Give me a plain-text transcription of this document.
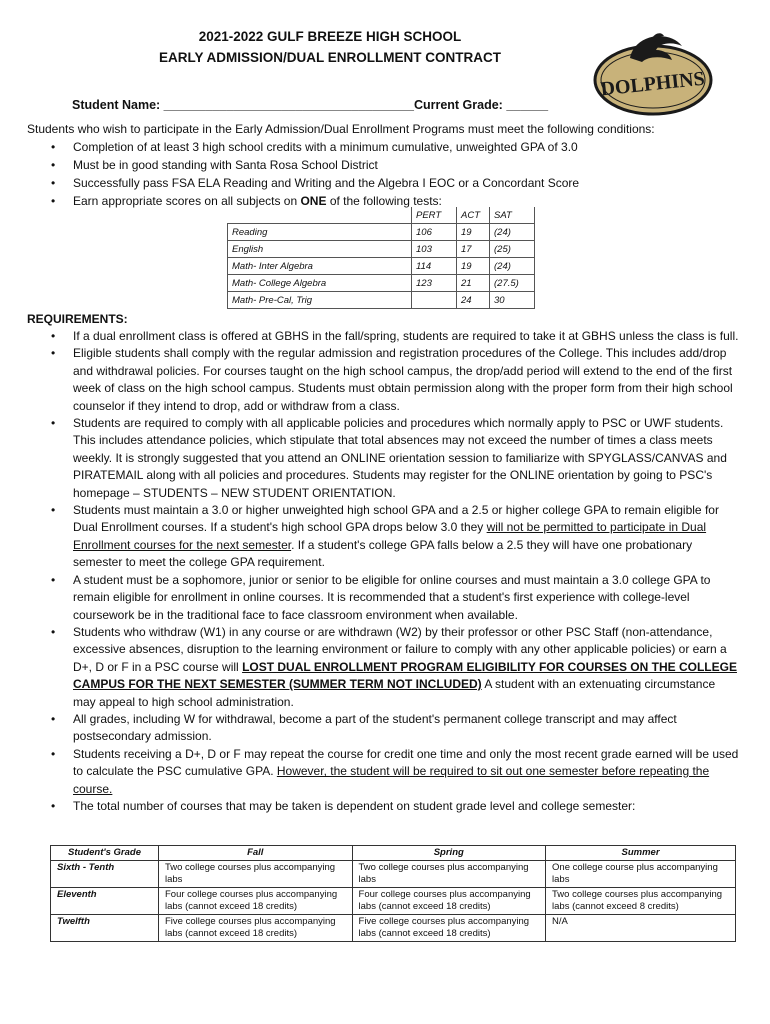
2021-2022 GULF BREEZE HIGH SCHOOL
EARLY ADMISSION/DUAL ENROLLMENT CONTRACT
DOLPHINS
Student Name: ____________________________________Current Grade: ______
Students who wish to participate in the Early Admission/Dual Enrollment Programs must meet the following conditions:
• Completion of at least 3 high school credits with a minimum cumulative, unweighted GPA of 3.0
• Must be in good standing with Santa Rosa School District
• Successfully pass FSA ELA Reading and Writing and the Algebra I EOC or a Concordant Score
• Earn appropriate scores on all subjects on ONE of the following tests:
	PERT	ACT	SAT
Reading	106	19	(24)
English	103	17	(25)
Math- Inter Algebra	114	19	(24)
Math- College Algebra	123	21	(27.5)
Math- Pre-Cal, Trig		24	30
REQUIREMENTS:
• If a dual enrollment class is offered at GBHS in the fall/spring, students are required to take it at GBHS unless the class is full.
• Eligible students shall comply with the regular admission and registration procedures of the College. This includes add/drop and withdrawal policies. For courses taught on the high school campus, the drop/add period will extend to the end of the first week of class on the high school campus. Students must obtain permission along with the proper form from their high school counselor if they intend to drop, add or withdraw from a class.
• Students are required to comply with all applicable policies and procedures which normally apply to PSC or UWF students. This includes attendance policies, which stipulate that total absences may not exceed the number of times a class meets weekly. It is strongly suggested that you attend an ONLINE orientation session to familiarize with SPYGLASS/CANVAS and PIRATEMAIL along with all policies and procedures. Students may register for the ONLINE orientation by going to PSC's homepage – STUDENTS – NEW STUDENT ORIENTATION.
• Students must maintain a 3.0 or higher unweighted high school GPA and a 2.5 or higher college GPA to remain eligible for Dual Enrollment courses. If a student's high school GPA drops below 3.0 they will not be permitted to participate in Dual Enrollment courses for the next semester. If a student's college GPA falls below a 2.5 they will have one probationary semester to meet the college GPA requirement.
• A student must be a sophomore, junior or senior to be eligible for online courses and must maintain a 3.0 college GPA to remain eligible for enrollment in online courses. It is recommended that a student's first experience with college-level coursework be in the traditional face to face classroom environment when available.
• Students who withdraw (W1) in any course or are withdrawn (W2) by their professor or other PSC Staff (non-attendance, excessive absences, disruption to the learning environment or failure to comply with any other applicable policies) or earn a D+, D or F in a PSC course will LOST DUAL ENROLLMENT PROGRAM ELIGIBILITY FOR COURSES ON THE COLLEGE CAMPUS FOR THE NEXT SEMESTER (SUMMER TERM NOT INCLUDED) A student with an extenuating circumstance may appeal to high school administration.
• All grades, including W for withdrawal, become a part of the student's permanent college transcript and may affect postsecondary admission.
• Students receiving a D+, D or F may repeat the course for credit one time and only the most recent grade earned will be used to calculate the PSC cumulative GPA. However, the student will be required to sit out one semester before repeating the course.
• The total number of courses that may be taken is dependent on student grade level and college semester:
Student's Grade	Fall	Spring	Summer
Sixth - Tenth	Two college courses plus accompanying labs	Two college courses plus accompanying labs	One college course plus accompanying labs
Eleventh	Four college courses plus accompanying labs (cannot exceed 18 credits)	Four college courses plus accompanying labs (cannot exceed 18 credits)	Two college courses plus accompanying labs (cannot exceed 8 credits)
Twelfth	Five college courses plus accompanying labs (cannot exceed 18 credits)	Five college courses plus accompanying labs (cannot exceed 18 credits)	N/A
